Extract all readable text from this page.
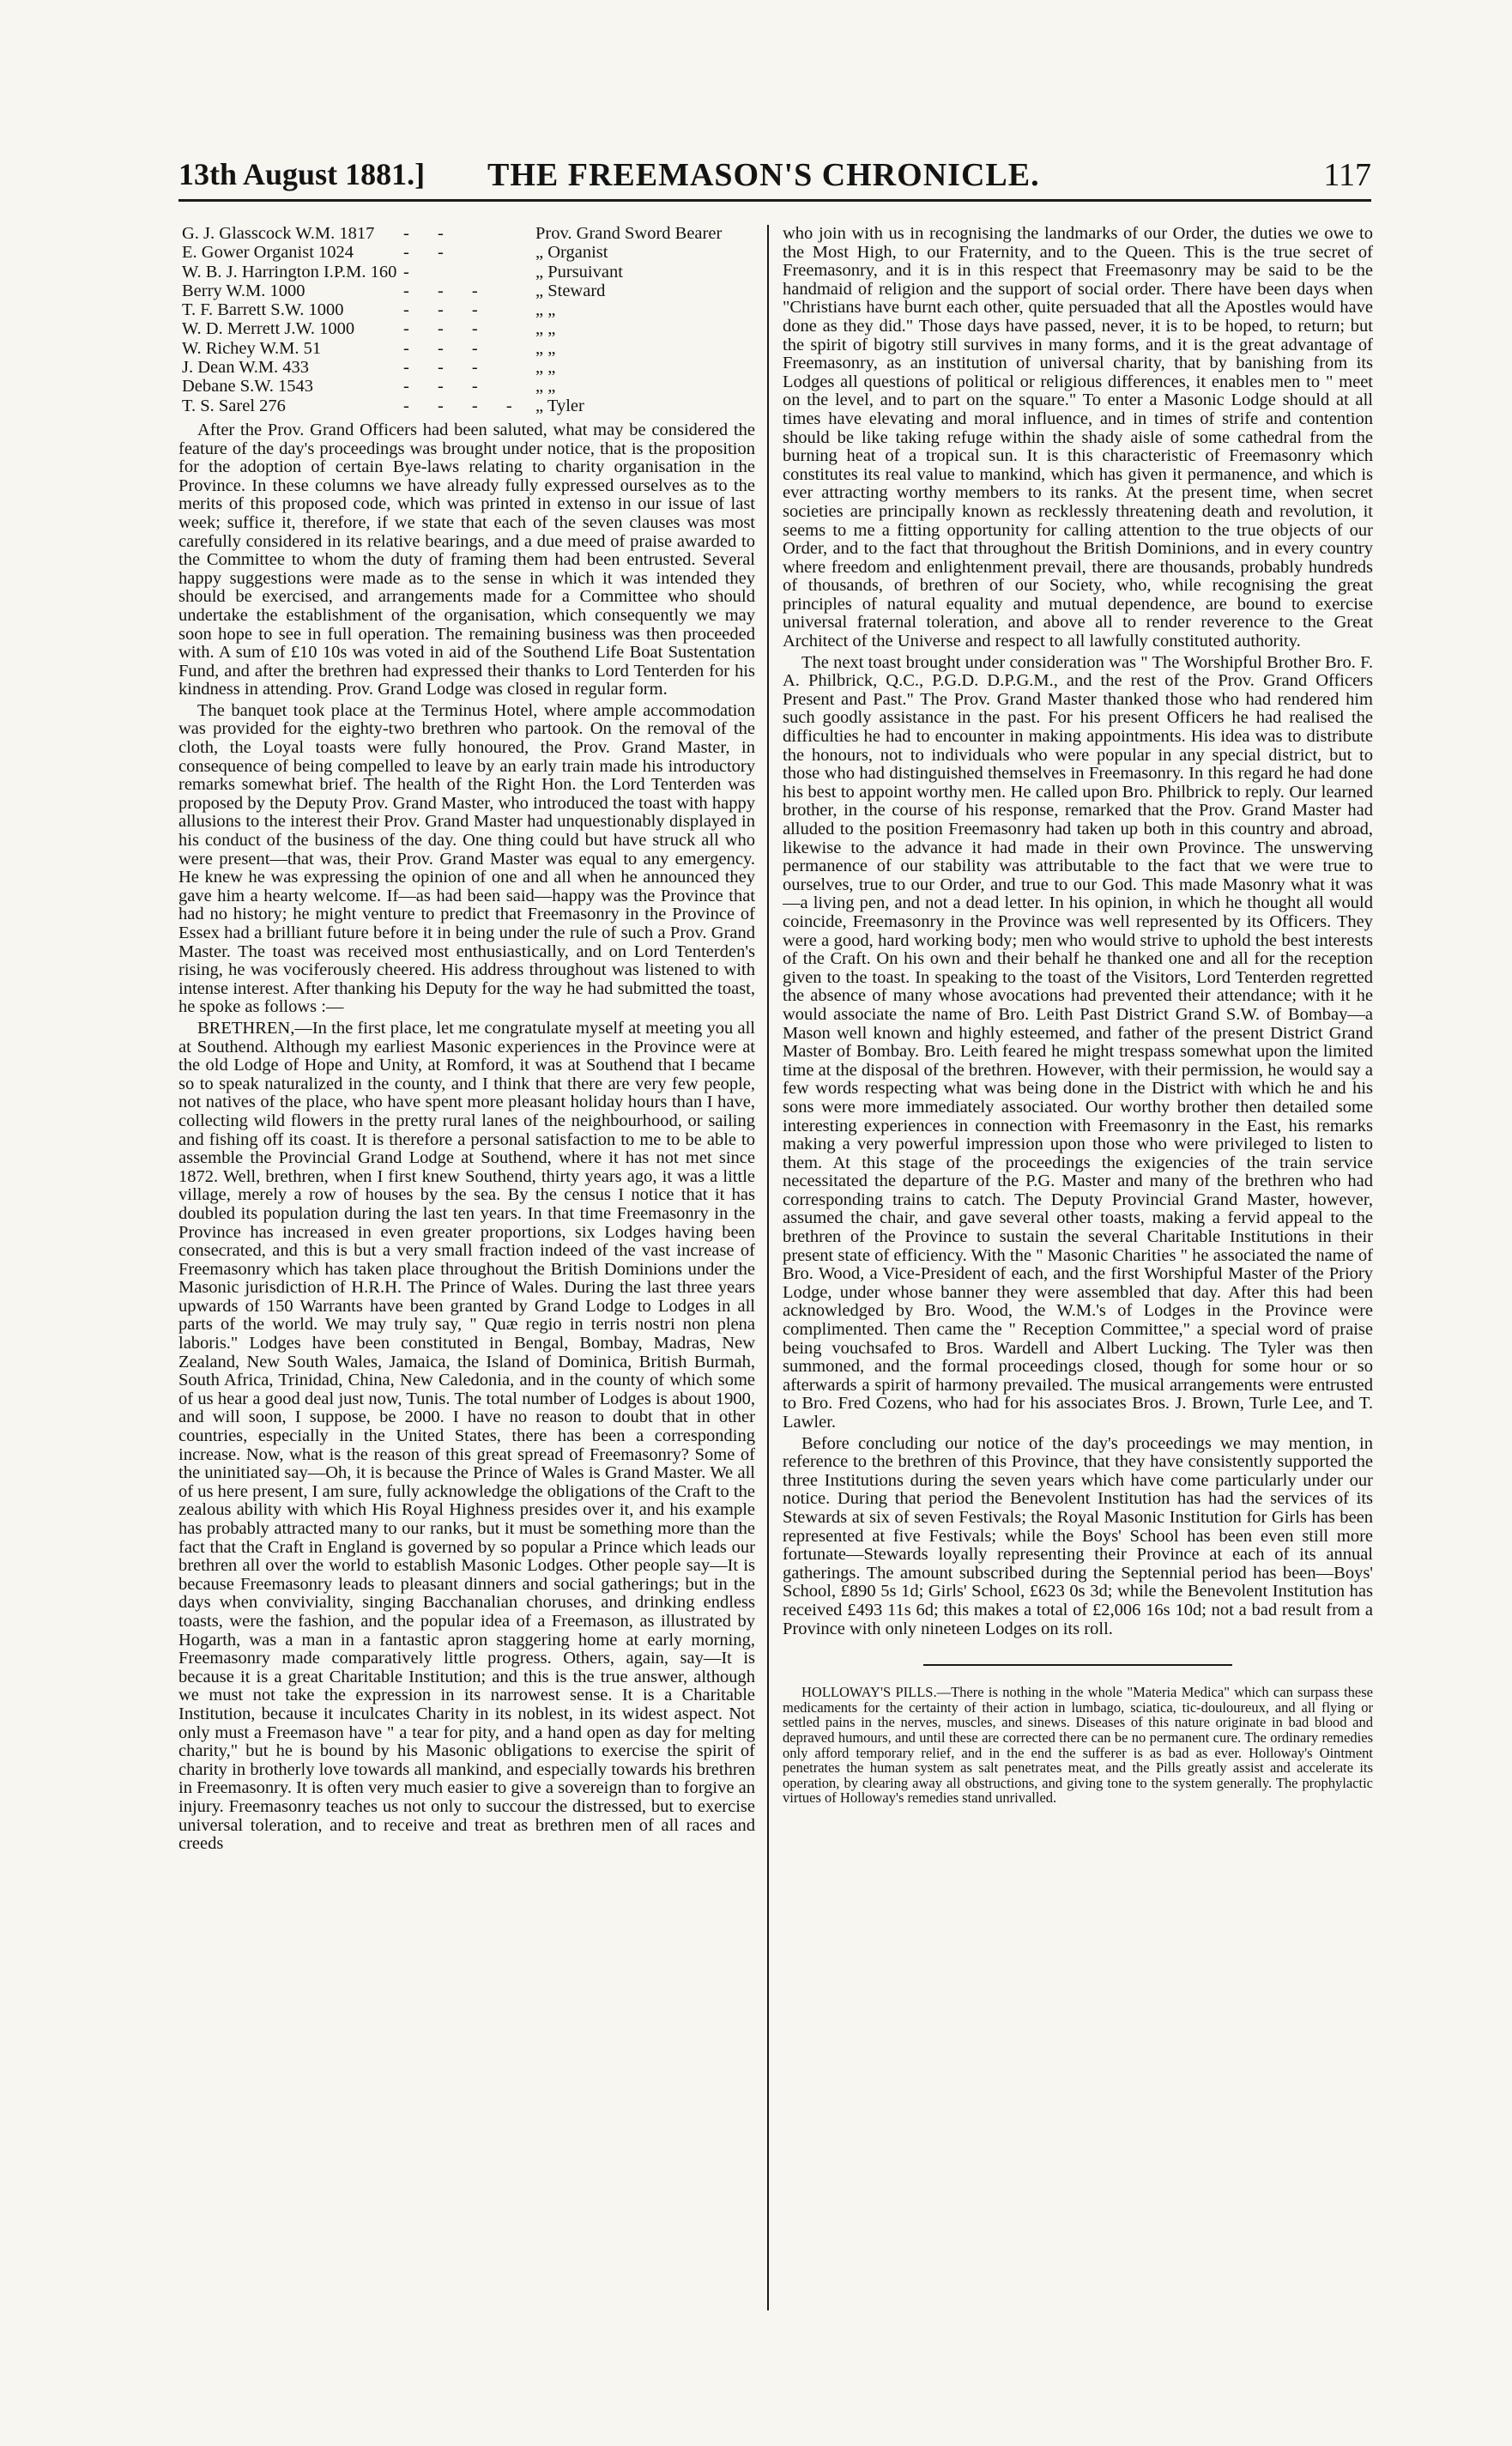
13th August 1881.] THE FREEMASON'S CHRONICLE.	117
G. J. Glasscock W.M. 1817 - -	Prov. Grand Sword Bearer
E. Gower Organist 1024	- -	„ Organist
W. B. J. Harrington I.P.M. 160 -	„ Pursuivant
Berry W.M. 1000	- - -	„ Steward
T. F. Barrett S.W. 1000	- - -	„ „
W. D. Merrett J.W. 1000	- - -	„ „
W. Richey W.M. 51	- - -	„ „
J. Dean W.M. 433	- - -	„ „
Debane S.W. 1543	- - -	„ „
T. S. Sarel 276	- - - - „ Tyler

After the Prov. Grand Officers had been saluted, what may be considered the feature of the day's proceedings was brought under notice, that is the proposition for the adoption of certain Bye-laws relating to charity organisation in the Province. In these columns we have already fully expressed ourselves as to the merits of this proposed code, which was printed in extenso in our issue of last week; suffice it, therefore, if we state that each of the seven clauses was most carefully considered in its relative bearings, and a due meed of praise awarded to the Committee to whom the duty of framing them had been entrusted. Several happy suggestions were made as to the sense in which it was intended they should be exercised, and arrangements made for a Committee who should undertake the establishment of the organisation, which consequently we may soon hope to see in full operation. The remaining business was then proceeded with. A sum of £10 10s was voted in aid of the Southend Life Boat Sustentation Fund, and after the brethren had expressed their thanks to Lord Tenterden for his kindness in attending. Prov. Grand Lodge was closed in regular form.

The banquet took place at the Terminus Hotel, where ample accommodation was provided for the eighty-two brethren who partook. On the removal of the cloth, the Loyal toasts were fully honoured, the Prov. Grand Master, in consequence of being compelled to leave by an early train made his introductory remarks somewhat brief. The health of the Right Hon. the Lord Tenterden was proposed by the Deputy Prov. Grand Master, who introduced the toast with happy allusions to the interest their Prov. Grand Master had unquestionably displayed in his conduct of the business of the day. One thing could but have struck all who were present—that was, their Prov. Grand Master was equal to any emergency. He knew he was expressing the opinion of one and all when he announced they gave him a hearty welcome. If—as had been said—happy was the Province that had no history; he might venture to predict that Freemasonry in the Province of Essex had a brilliant future before it in being under the rule of such a Prov. Grand Master. The toast was received most enthusiastically, and on Lord Tenterden's rising, he was vociferously cheered. His address throughout was listened to with intense interest. After thanking his Deputy for the way he had submitted the toast, he spoke as follows :—

BRETHREN,—In the first place, let me congratulate myself at meeting you all at Southend. Although my earliest Masonic experiences in the Province were at the old Lodge of Hope and Unity, at Romford, it was at Southend that I became so to speak naturalized in the county, and I think that there are very few people, not natives of the place, who have spent more pleasant holiday hours than I have, collecting wild flowers in the pretty rural lanes of the neighbourhood, or sailing and fishing off its coast. It is therefore a personal satisfaction to me to be able to assemble the Provincial Grand Lodge at Southend, where it has not met since 1872. Well, brethren, when I first knew Southend, thirty years ago, it was a little village, merely a row of houses by the sea. By the census I notice that it has doubled its population during the last ten years. In that time Freemasonry in the Province has increased in even greater proportions, six Lodges having been consecrated, and this is but a very small fraction indeed of the vast increase of Freemasonry which has taken place throughout the British Dominions under the Masonic jurisdiction of H.R.H. The Prince of Wales. During the last three years upwards of 150 Warrants have been granted by Grand Lodge to Lodges in all parts of the world. We may truly say, " Quæ regio in terris nostri non plena laboris." Lodges have been constituted in Bengal, Bombay, Madras, New Zealand, New South Wales, Jamaica, the Island of Dominica, British Burmah, South Africa, Trinidad, China, New Caledonia, and in the county of which some of us hear a good deal just now, Tunis. The total number of Lodges is about 1900, and will soon, I suppose, be 2000. I have no reason to doubt that in other countries, especially in the United States, there has been a corresponding increase. Now, what is the reason of this great spread of Freemasonry? Some of the uninitiated say—Oh, it is because the Prince of Wales is Grand Master. We all of us here present, I am sure, fully acknowledge the obligations of the Craft to the zealous ability with which His Royal Highness presides over it, and his example has probably attracted many to our ranks, but it must be something more than the fact that the Craft in England is governed by so popular a Prince which leads our brethren all over the world to establish Masonic Lodges. Other people say—It is because Freemasonry leads to pleasant dinners and social gatherings; but in the days when conviviality, singing Bacchanalian choruses, and drinking endless toasts, were the fashion, and the popular idea of a Freemason, as illustrated by Hogarth, was a man in a fantastic apron staggering home at early morning, Freemasonry made comparatively little progress. Others, again, say—It is because it is a great Charitable Institution; and this is the true answer, although we must not take the expression in its narrowest sense. It is a Charitable Institution, because it inculcates Charity in its noblest, in its widest aspect. Not only must a Freemason have " a tear for pity, and a hand open as day for melting charity," but he is bound by his Masonic obligations to exercise the spirit of charity in brotherly love towards all mankind, and especially towards his brethren in Freemasonry. It is often very much easier to give a sovereign than to forgive an injury. Freemasonry teaches us not only to succour the distressed, but to exercise universal toleration, and to receive and treat as brethren men of all races and creeds

who join with us in recognising the landmarks of our Order, the duties we owe to the Most High, to our Fraternity, and to the Queen. This is the true secret of Freemasonry, and it is in this respect that Freemasonry may be said to be the handmaid of religion and the support of social order. There have been days when "Christians have burnt each other, quite persuaded that all the Apostles would have done as they did." Those days have passed, never, it is to be hoped, to return; but the spirit of bigotry still survives in many forms, and it is the great advantage of Freemasonry, as an institution of universal charity, that by banishing from its Lodges all questions of political or religious differences, it enables men to " meet on the level, and to part on the square." To enter a Masonic Lodge should at all times have elevating and moral influence, and in times of strife and contention should be like taking refuge within the shady aisle of some cathedral from the burning heat of a tropical sun. It is this characteristic of Freemasonry which constitutes its real value to mankind, which has given it permanence, and which is ever attracting worthy members to its ranks. At the present time, when secret societies are principally known as recklessly threatening death and revolution, it seems to me a fitting opportunity for calling attention to the true objects of our Order, and to the fact that throughout the British Dominions, and in every country where freedom and enlightenment prevail, there are thousands, probably hundreds of thousands, of brethren of our Society, who, while recognising the great principles of natural equality and mutual dependence, are bound to exercise universal fraternal toleration, and above all to render reverence to the Great Architect of the Universe and respect to all lawfully constituted authority.

The next toast brought under consideration was " The Worshipful Brother Bro. F. A. Philbrick, Q.C., P.G.D. D.P.G.M., and the rest of the Prov. Grand Officers Present and Past." The Prov. Grand Master thanked those who had rendered him such goodly assistance in the past. For his present Officers he had realised the difficulties he had to encounter in making appointments. His idea was to distribute the honours, not to individuals who were popular in any special district, but to those who had distinguished themselves in Freemasonry. In this regard he had done his best to appoint worthy men. He called upon Bro. Philbrick to reply. Our learned brother, in the course of his response, remarked that the Prov. Grand Master had alluded to the position Freemasonry had taken up both in this country and abroad, likewise to the advance it had made in their own Province. The unswerving permanence of our stability was attributable to the fact that we were true to ourselves, true to our Order, and true to our God. This made Masonry what it was—a living pen, and not a dead letter. In his opinion, in which he thought all would coincide, Freemasonry in the Province was well represented by its Officers. They were a good, hard working body; men who would strive to uphold the best interests of the Craft. On his own and their behalf he thanked one and all for the reception given to the toast. In speaking to the toast of the Visitors, Lord Tenterden regretted the absence of many whose avocations had prevented their attendance; with it he would associate the name of Bro. Leith Past District Grand S.W. of Bombay—a Mason well known and highly esteemed, and father of the present District Grand Master of Bombay. Bro. Leith feared he might trespass somewhat upon the limited time at the disposal of the brethren. However, with their permission, he would say a few words respecting what was being done in the District with which he and his sons were more immediately associated. Our worthy brother then detailed some interesting experiences in connection with Freemasonry in the East, his remarks making a very powerful impression upon those who were privileged to listen to them. At this stage of the proceedings the exigencies of the train service necessitated the departure of the P.G. Master and many of the brethren who had corresponding trains to catch. The Deputy Provincial Grand Master, however, assumed the chair, and gave several other toasts, making a fervid appeal to the brethren of the Province to sustain the several Charitable Institutions in their present state of efficiency. With the " Masonic Charities " he associated the name of Bro. Wood, a Vice-President of each, and the first Worshipful Master of the Priory Lodge, under whose banner they were assembled that day. After this had been acknowledged by Bro. Wood, the W.M.'s of Lodges in the Province were complimented. Then came the " Reception Committee," a special word of praise being vouchsafed to Bros. Wardell and Albert Lucking. The Tyler was then summoned, and the formal proceedings closed, though for some hour or so afterwards a spirit of harmony prevailed. The musical arrangements were entrusted to Bro. Fred Cozens, who had for his associates Bros. J. Brown, Turle Lee, and T. Lawler.

Before concluding our notice of the day's proceedings we may mention, in reference to the brethren of this Province, that they have consistently supported the three Institutions during the seven years which have come particularly under our notice. During that period the Benevolent Institution has had the services of its Stewards at six of seven Festivals; the Royal Masonic Institution for Girls has been represented at five Festivals; while the Boys' School has been even still more fortunate—Stewards loyally representing their Province at each of its annual gatherings. The amount subscribed during the Septennial period has been—Boys' School, £890 5s 1d; Girls' School, £623 0s 3d; while the Benevolent Institution has received £493 11s 6d; this makes a total of £2,006 16s 10d; not a bad result from a Province with only nineteen Lodges on its roll.

HOLLOWAY'S PILLS.—There is nothing in the whole "Materia Medica" which can surpass these medicaments for the certainty of their action in lumbago, sciatica, tic-douloureux, and all flying or settled pains in the nerves, muscles, and sinews. Diseases of this nature originate in bad blood and depraved humours, and until these are corrected there can be no permanent cure. The ordinary remedies only afford temporary relief, and in the end the sufferer is as bad as ever. Holloway's Ointment penetrates the human system as salt penetrates meat, and the Pills greatly assist and accelerate its operation, by clearing away all obstructions, and giving tone to the system generally. The prophylactic virtues of Holloway's remedies stand unrivalled.
